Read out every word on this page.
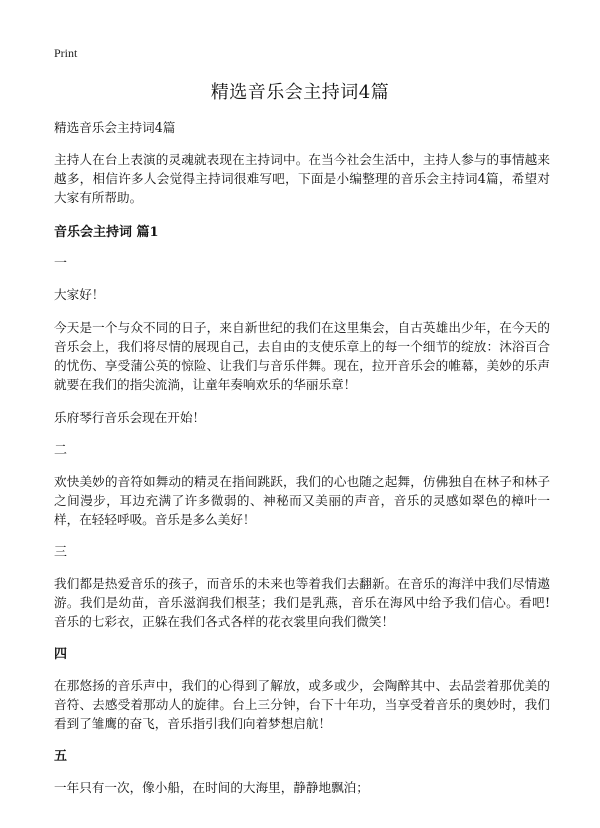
Print
精选音乐会主持词4篇

精选音乐会主持词4篇

主持人在台上表演的灵魂就表现在主持词中。在当今社会生活中，主持人参与的事情越来越多，相信许多人会觉得主持词很难写吧，下面是小编整理的音乐会主持词4篇，希望对大家有所帮助。

音乐会主持词 篇1

一

大家好！

今天是一个与众不同的日子，来自新世纪的我们在这里集会，自古英雄出少年，在今天的音乐会上，我们将尽情的展现自己，去自由的支使乐章上的每一个细节的绽放：沐浴百合的忧伤、享受蒲公英的惊险、让我们与音乐伴舞。现在，拉开音乐会的帷幕，美妙的乐声就要在我们的指尖流淌，让童年奏响欢乐的华丽乐章！

乐府琴行音乐会现在开始！

二

欢快美妙的音符如舞动的精灵在指间跳跃，我们的心也随之起舞，仿佛独自在林子和林子之间漫步，耳边充满了许多微弱的、神秘而又美丽的声音，音乐的灵感如翠色的樟叶一样，在轻轻呼吸。音乐是多么美好！

三

我们都是热爱音乐的孩子，而音乐的未来也等着我们去翻新。在音乐的海洋中我们尽情遨游。我们是幼苗，音乐滋润我们根茎；我们是乳燕，音乐在海风中给予我们信心。看吧!音乐的七彩衣，正躲在我们各式各样的花衣裳里向我们微笑！

四

在那悠扬的音乐声中，我们的心得到了解放，或多或少，会陶醉其中、去品尝着那优美的音符、去感受着那动人的旋律。台上三分钟，台下十年功，当享受着音乐的奥妙时，我们看到了雏鹰的奋飞，音乐指引我们向着梦想启航！

五

一年只有一次，像小船，在时间的大海里，静静地飘泊；
